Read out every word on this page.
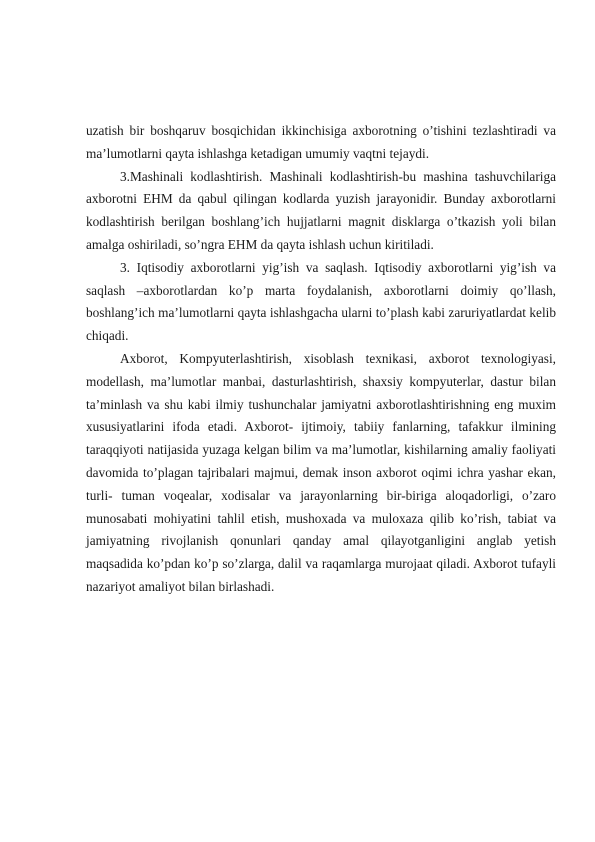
uzatish bir boshqaruv bosqichidan ikkinchisiga axborotning o’tishini tezlashtiradi va ma’lumotlarni qayta ishlashga ketadigan umumiy vaqtni tejaydi.

3.Mashinali kodlashtirish. Mashinali kodlashtirish-bu mashina tashuvchilariga axborotni EHM da qabul qilingan kodlarda yuzish jarayonidir. Bunday axborotlarni kodlashtirish berilgan boshlang’ich hujjatlarni magnit disklarga o’tkazish yoli bilan amalga oshiriladi, so’ngra EHM da qayta ishlash uchun kiritiladi.

3. Iqtisodiy axborotlarni yig’ish va saqlash. Iqtisodiy axborotlarni yig’ish va saqlash –axborotlardan ko’p marta foydalanish, axborotlarni doimiy qo’llash, boshlang’ich ma’lumotlarni qayta ishlashgacha ularni to’plash kabi zaruriyatlardat kelib chiqadi.

Axborot, Kompyuterlashtirish, xisoblash texnikasi, axborot texnologiyasi, modellash, ma’lumotlar manbai, dasturlashtirish, shaxsiy kompyuterlar, dastur bilan ta’minlash va shu kabi ilmiy tushunchalar jamiyatni axborotlashtirishning eng muxim xususiyatlarini ifoda etadi. Axborot- ijtimoiy, tabiiy fanlarning, tafakkur ilmining taraqqiyoti natijasida yuzaga kelgan bilim va ma’lumotlar, kishilarning amaliy faoliyati davomida to’plagan tajribalari majmui, demak inson axborot oqimi ichra yashar ekan, turli- tuman voqealar, xodisalar va jarayonlarning bir-biriga aloqadorligi, o’zaro munosabati mohiyatini tahlil etish, mushoxada va muloxaza qilib ko’rish, tabiat va jamiyatning rivojlanish qonunlari qanday amal qilayotganligini anglab yetish maqsadida ko’pdan ko’p so’zlarga, dalil va raqamlarga murojaat qiladi. Axborot tufayli nazariyot amaliyot bilan birlashadi.
